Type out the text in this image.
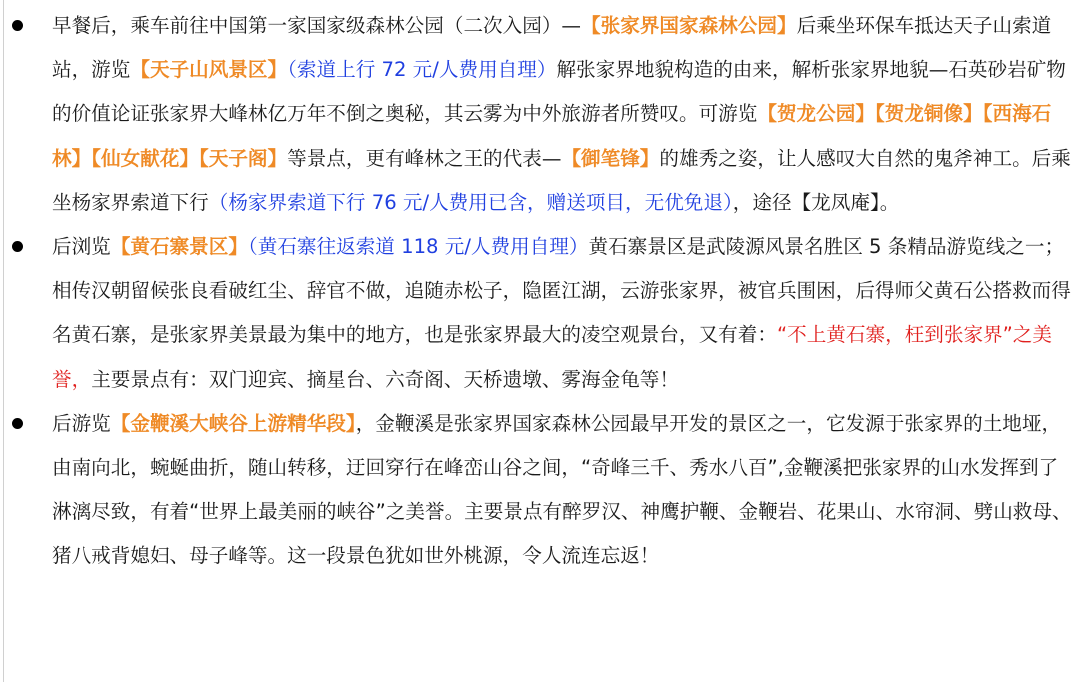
早餐后，乘车前往中国第一家国家级森林公园（二次入园）—【张家界国家森林公园】后乘坐环保车抵达天子山索道站，游览【天子山风景区】（索道上行 72 元/人费用自理）解张家界地貌构造的由来，解析张家界地貌—石英砂岩矿物的价值论证张家界大峰林亿万年不倒之奥秘，其云雾为中外旅游者所赞叹。可游览【贺龙公园】【贺龙铜像】【西海石林】【仙女献花】【天子阁】等景点，更有峰林之王的代表—【御笔锋】的雄秀之姿，让人感叹大自然的鬼斧神工。后乘坐杨家界索道下行（杨家界索道下行 76 元/人费用已含，赠送项目，无优免退），途径【龙凤庵】。
后浏览【黄石寨景区】（黄石寨往返索道 118 元/人费用自理）黄石寨景区是武陵源风景名胜区 5 条精品游览线之一；相传汉朝留候张良看破红尘、辞官不做，追随赤松子，隐匿江湖，云游张家界，被官兵围困，后得师父黄石公搭救而得名黄石寨，是张家界美景最为集中的地方，也是张家界最大的凌空观景台，又有着：“不上黄石寨，枉到张家界”之美誉，主要景点有：双门迎宾、摘星台、六奇阁、天桥遗墩、雾海金龟等！
后游览【金鞭溪大峡谷上游精华段】，金鞭溪是张家界国家森林公园最早开发的景区之一，它发源于张家界的土地垭，由南向北，蜿蜒曲折，随山转移，迂回穿行在峰峦山谷之间，“奇峰三千、秀水八百”,金鞭溪把张家界的山水发挥到了淋漓尽致，有着“世界上最美丽的峡谷”之美誉。主要景点有醉罗汉、神鹰护鞭、金鞭岩、花果山、水帘洞、劈山救母、猪八戒背媳妇、母子峰等。这一段景色犹如世外桃源，令人流连忘返！
